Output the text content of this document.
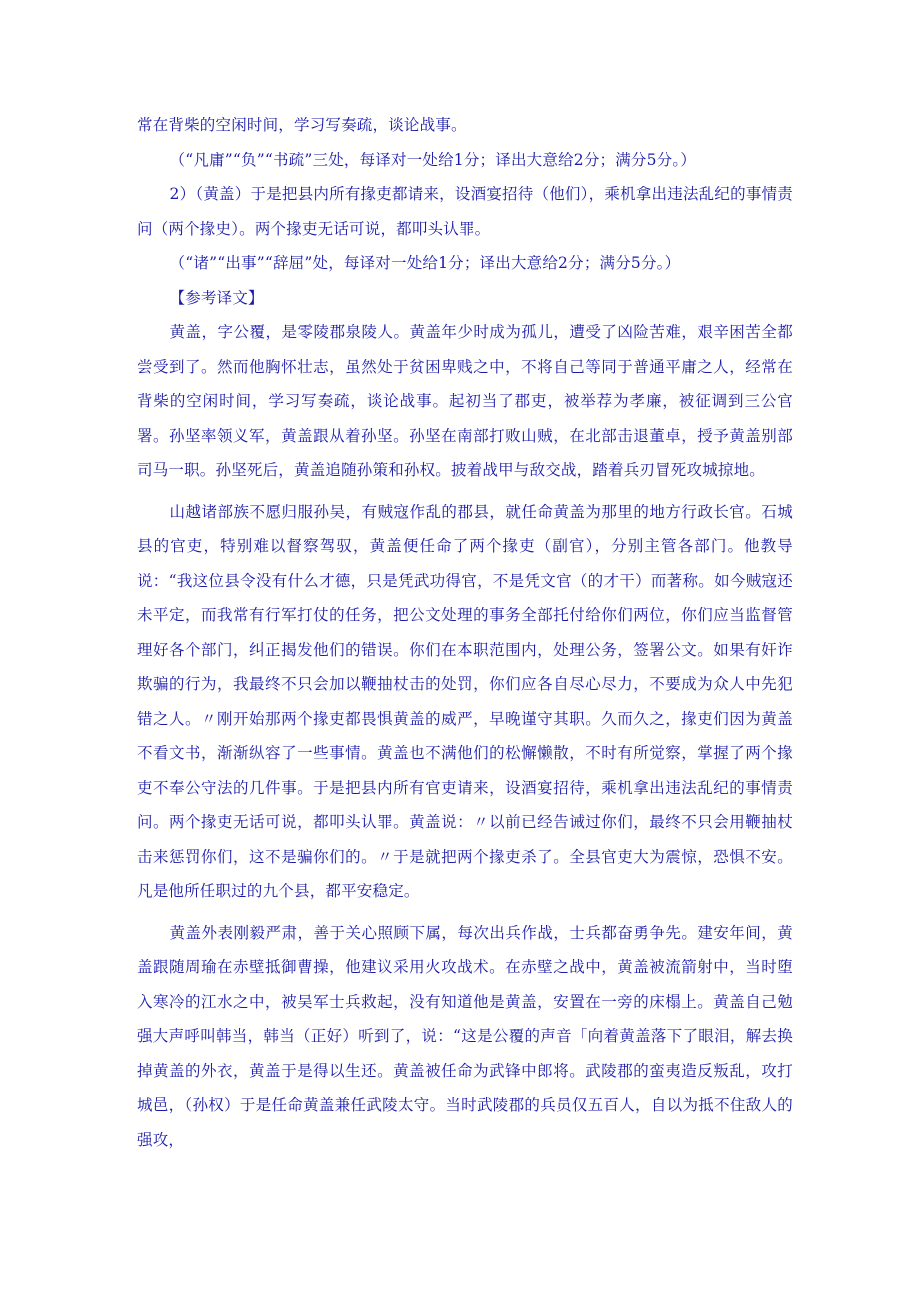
常在背柴的空闲时间，学习写奏疏，谈论战事。

（“凡庸”“负”“书疏”三处，每译对一处给1分；译出大意给2分；满分5分。）

2）（黄盖）于是把县内所有掾吏都请来，设酒宴招待（他们），乘机拿出违法乱纪的事情责问（两个掾史）。两个掾吏无话可说，都叩头认罪。

（“诸”“出事”“辞屈”处，每译对一处给1分；译出大意给2分；满分5分。）

【参考译文】

黄盖，字公覆，是零陵郡泉陵人。黄盖年少时成为孤儿，遭受了凶险苦难，艰辛困苦全都尝受到了。然而他胸怀壮志，虽然处于贫困卑贱之中，不将自己等同于普通平庸之人，经常在背柴的空闲时间，学习写奏疏，谈论战事。起初当了郡吏，被举荐为孝廉，被征调到三公官署。孙坚率领义军，黄盖跟从着孙坚。孙坚在南部打败山贼，在北部击退董卓，授予黄盖别部司马一职。孙坚死后，黄盖追随孙策和孙权。披着战甲与敌交战，踏着兵刃冒死攻城掠地。

山越诸部族不愿归服孙吴，有贼寇作乱的郡县，就任命黄盖为那里的地方行政长官。石城县的官吏，特别难以督察驾驭，黄盖便任命了两个掾吏（副官），分别主管各部门。他教导说：“我这位县令没有什么才德，只是凭武功得官，不是凭文官（的才干）而著称。如今贼寇还未平定，而我常有行军打仗的任务，把公文处理的事务全部托付给你们两位，你们应当监督管理好各个部门，纠正揭发他们的错误。你们在本职范围内，处理公务，签署公文。如果有奸诈欺骗的行为，我最终不只会加以鞭抽杖击的处罚，你们应各自尽心尽力，不要成为众人中先犯错之人。〃刚开始那两个掾吏都畏惧黄盖的威严，早晚谨守其职。久而久之，掾吏们因为黄盖不看文书，渐渐纵容了一些事情。黄盖也不满他们的松懈懒散，不时有所觉察，掌握了两个掾吏不奉公守法的几件事。于是把县内所有官吏请来，设酒宴招待，乘机拿出违法乱纪的事情责问。两个掾吏无话可说，都叩头认罪。黄盖说：〃以前已经告诫过你们，最终不只会用鞭抽杖击来惩罚你们，这不是骗你们的。〃于是就把两个掾吏杀了。全县官吏大为震惊，恐惧不安。凡是他所任职过的九个县，都平安稳定。

黄盖外表刚毅严肃，善于关心照顾下属，每次出兵作战，士兵都奋勇争先。建安年间，黄盖跟随周瑜在赤壁抵御曹操，他建议采用火攻战术。在赤壁之战中，黄盖被流箭射中，当时堕入寒冷的江水之中，被吴军士兵救起，没有知道他是黄盖，安置在一旁的床榻上。黄盖自己勉强大声呼叫韩当，韩当（正好）听到了，说：“这是公覆的声音「向着黄盖落下了眼泪，解去换掉黄盖的外衣，黄盖于是得以生还。黄盖被任命为武锋中郎将。武陵郡的蛮夷造反叛乱，攻打城邑，（孙权）于是任命黄盖兼任武陵太守。当时武陵郡的兵员仅五百人，自以为抵不住敌人的强攻，
